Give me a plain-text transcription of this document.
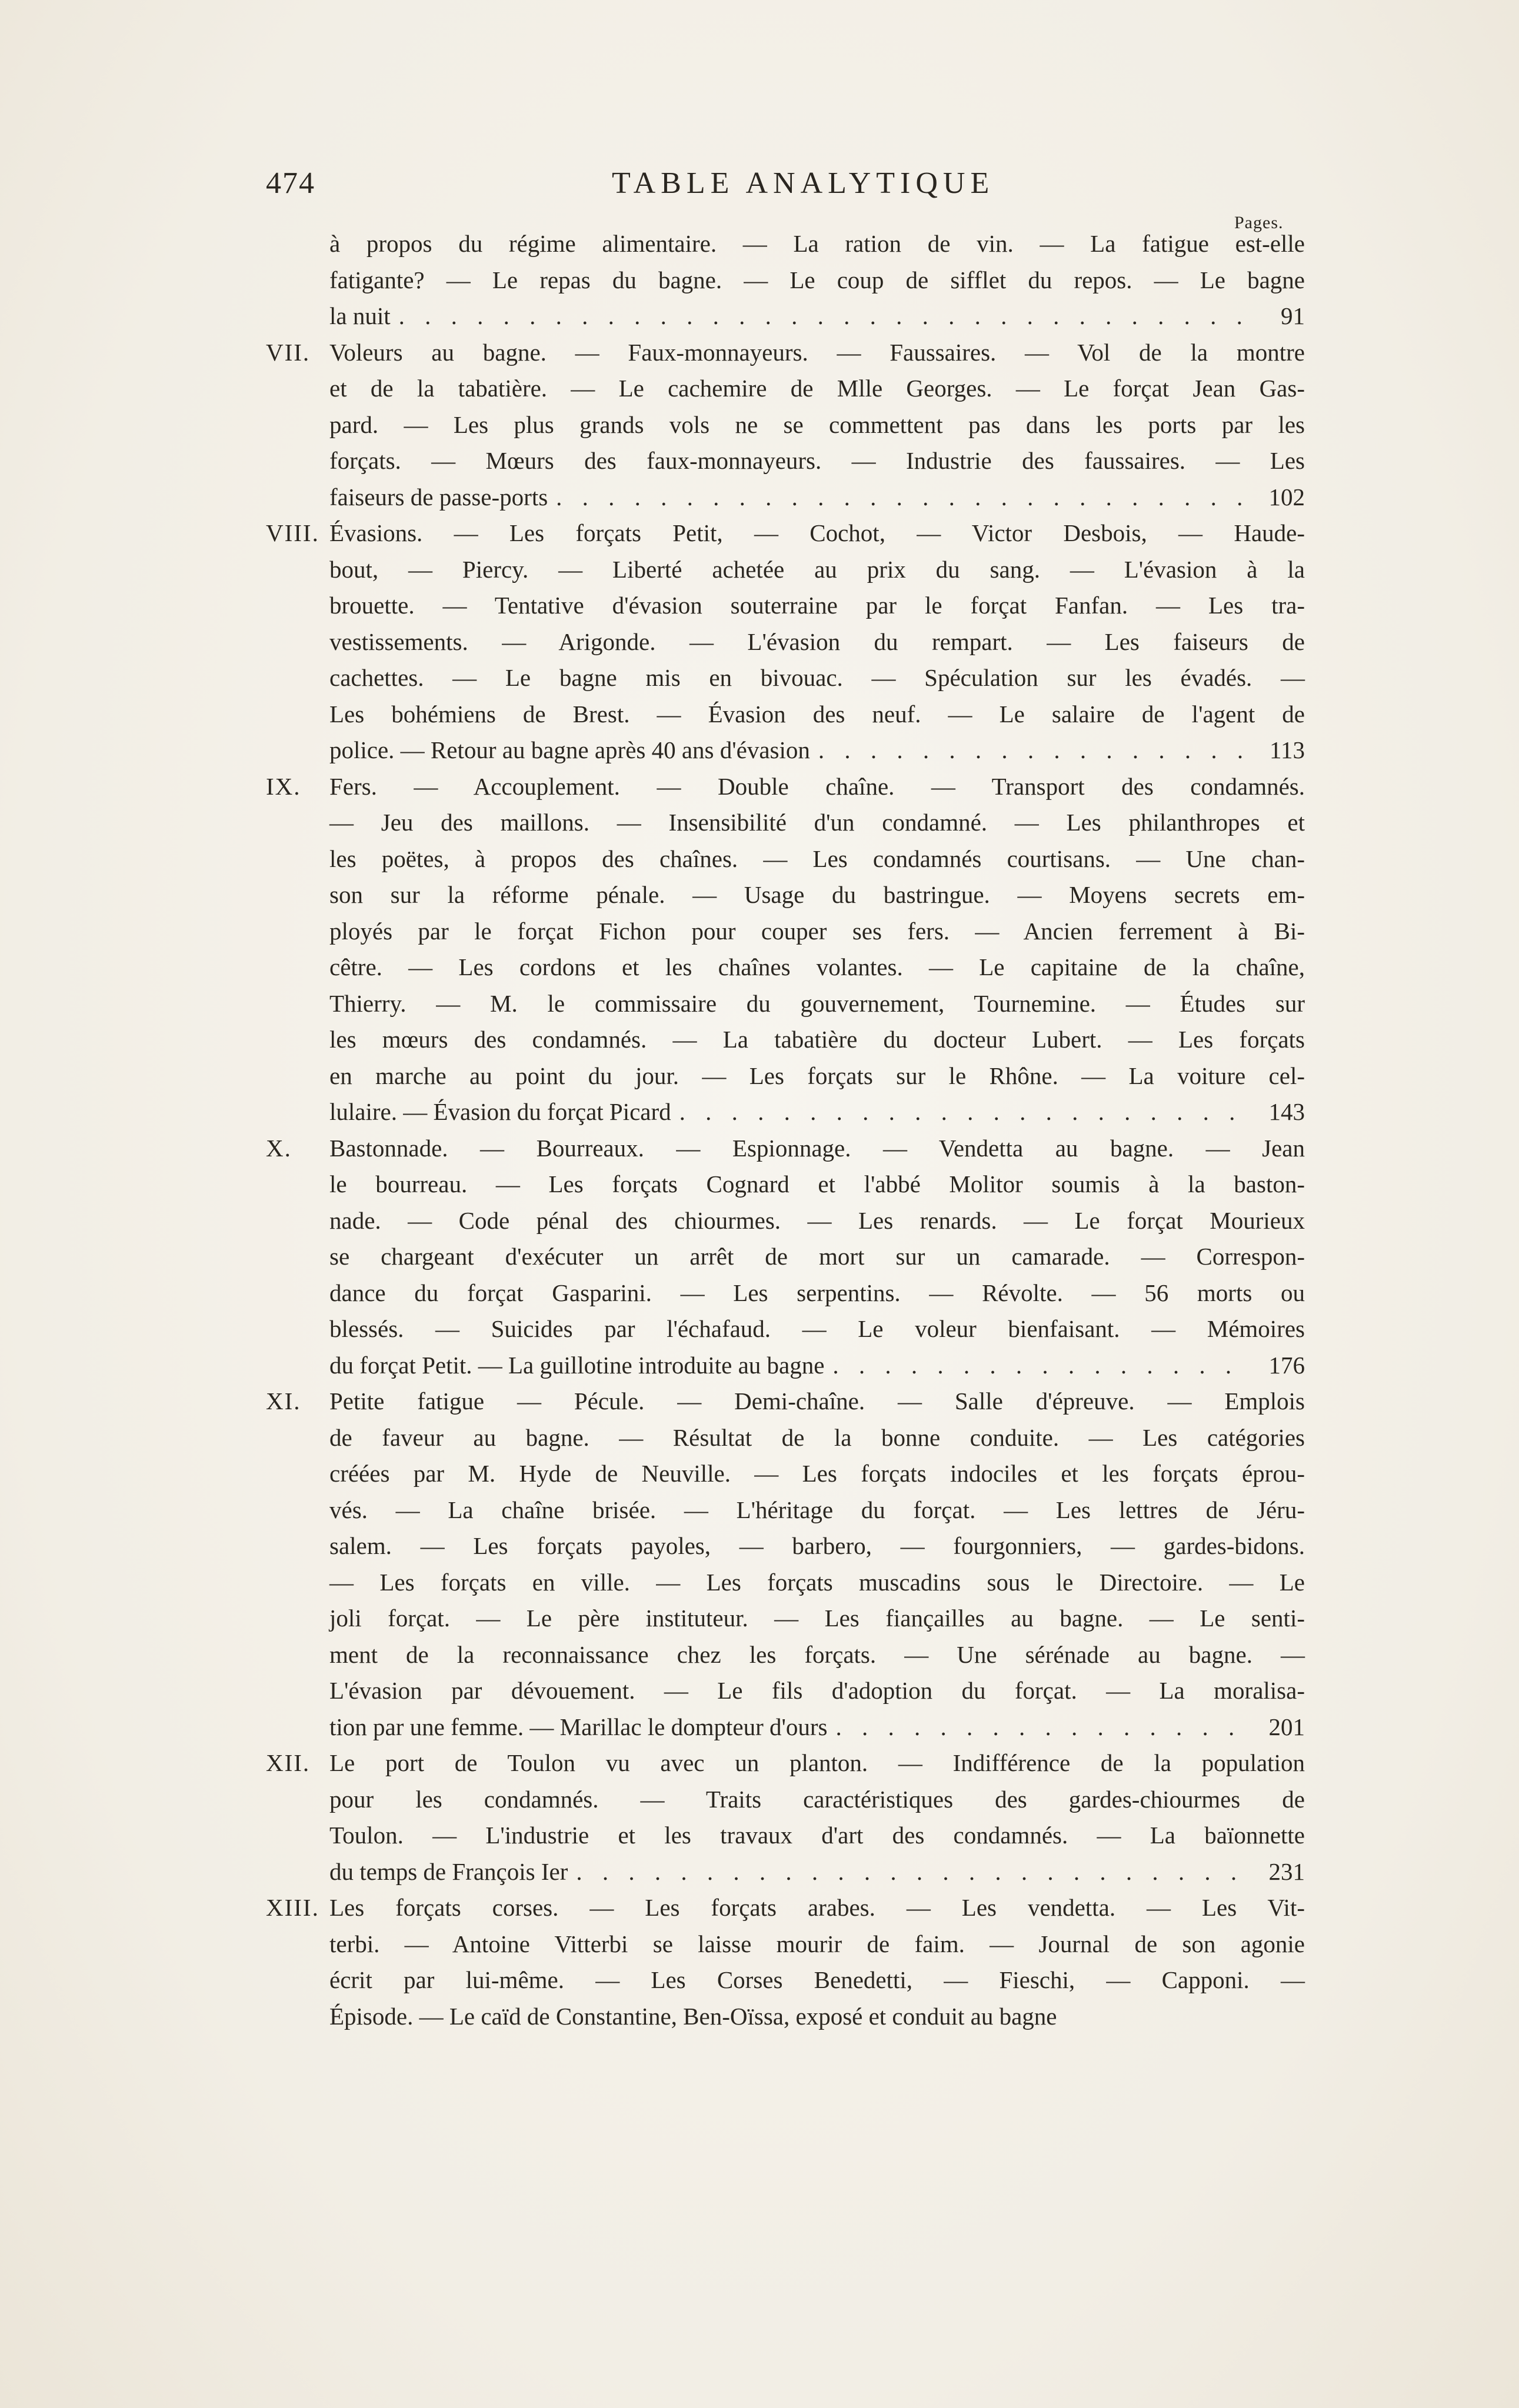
474	TABLE ANALYTIQUE
Pages.
à propos du régime alimentaire. — La ration de vin. — La fatigue est-elle
fatigante? — Le repas du bagne. — Le coup de sifflet du repos. — Le bagne
la nuit . . .	91
VII. Voleurs au bagne. — Faux-monnayeurs. — Faussaires. — Vol de la montre
et de la tabatière. — Le cachemire de Mlle Georges. — Le forçat Jean Gas-
pard. — Les plus grands vols ne se commettent pas dans les ports par les
forçats. — Mœurs des faux-monnayeurs. — Industrie des faussaires. — Les
faiseurs de passe-ports . . .	102
VIII. Évasions. — Les forçats Petit, — Cochot, — Victor Desbois, — Haude-
bout, — Piercy. — Liberté achetée au prix du sang. — L'évasion à la
brouette. — Tentative d'évasion souterraine par le forçat Fanfan. — Les tra-
vestissements. — Arigonde. — L'évasion du rempart. — Les faiseurs de
cachettes. — Le bagne mis en bivouac. — Spéculation sur les évadés. —
Les bohémiens de Brest. — Évasion des neuf. — Le salaire de l'agent de
police. — Retour au bagne après 40 ans d'évasion . . .	113
IX. Fers. — Accouplement. — Double chaîne. — Transport des condamnés.
— Jeu des maillons. — Insensibilité d'un condamné. — Les philanthropes et
les poëtes, à propos des chaînes. — Les condamnés courtisans. — Une chan-
son sur la réforme pénale. — Usage du bastringue. — Moyens secrets em-
ployés par le forçat Fichon pour couper ses fers. — Ancien ferrement à Bi-
cêtre. — Les cordons et les chaînes volantes. — Le capitaine de la chaîne,
Thierry. — M. le commissaire du gouvernement, Tournemine. — Études sur
les mœurs des condamnés. — La tabatière du docteur Lubert. — Les forçats
en marche au point du jour. — Les forçats sur le Rhône. — La voiture cel-
lulaire. — Évasion du forçat Picard . . .	143
X. Bastonnade. — Bourreaux. — Espionnage. — Vendetta au bagne. — Jean
le bourreau. — Les forçats Cognard et l'abbé Molitor soumis à la baston-
nade. — Code pénal des chiourmes. — Les renards. — Le forçat Mourieux
se chargeant d'exécuter un arrêt de mort sur un camarade. — Correspon-
dance du forçat Gasparini. — Les serpentins. — Révolte. — 56 morts ou
blessés. — Suicides par l'échafaud. — Le voleur bienfaisant. — Mémoires
du forçat Petit. — La guillotine introduite au bagne . . .	176
XI. Petite fatigue — Pécule. — Demi-chaîne. — Salle d'épreuve. — Emplois
de faveur au bagne. — Résultat de la bonne conduite. — Les catégories
créées par M. Hyde de Neuville. — Les forçats indociles et les forçats éprou-
vés. — La chaîne brisée. — L'héritage du forçat. — Les lettres de Jéru-
salem. — Les forçats payoles, — barbero, — fourgonniers, — gardes-bidons.
— Les forçats en ville. — Les forçats muscadins sous le Directoire. — Le
joli forçat. — Le père instituteur. — Les fiançailles au bagne. — Le senti-
ment de la reconnaissance chez les forçats. — Une sérénade au bagne. —
L'évasion par dévouement. — Le fils d'adoption du forçat. — La moralisa-
tion par une femme. — Marillac le dompteur d'ours . . .	201
XII. Le port de Toulon vu avec un planton. — Indifférence de la population
pour les condamnés. — Traits caractéristiques des gardes-chiourmes de
Toulon. — L'industrie et les travaux d'art des condamnés. — La baïonnette
du temps de François Ier . . .	231
XIII. Les forçats corses. — Les forçats arabes. — Les vendetta. — Les Vit-
terbi. — Antoine Vitterbi se laisse mourir de faim. — Journal de son agonie
écrit par lui-même. — Les Corses Benedetti, — Fieschi, — Capponi. —
Épisode. — Le caïd de Constantine, Ben-Oïssa, exposé et conduit au bagne
